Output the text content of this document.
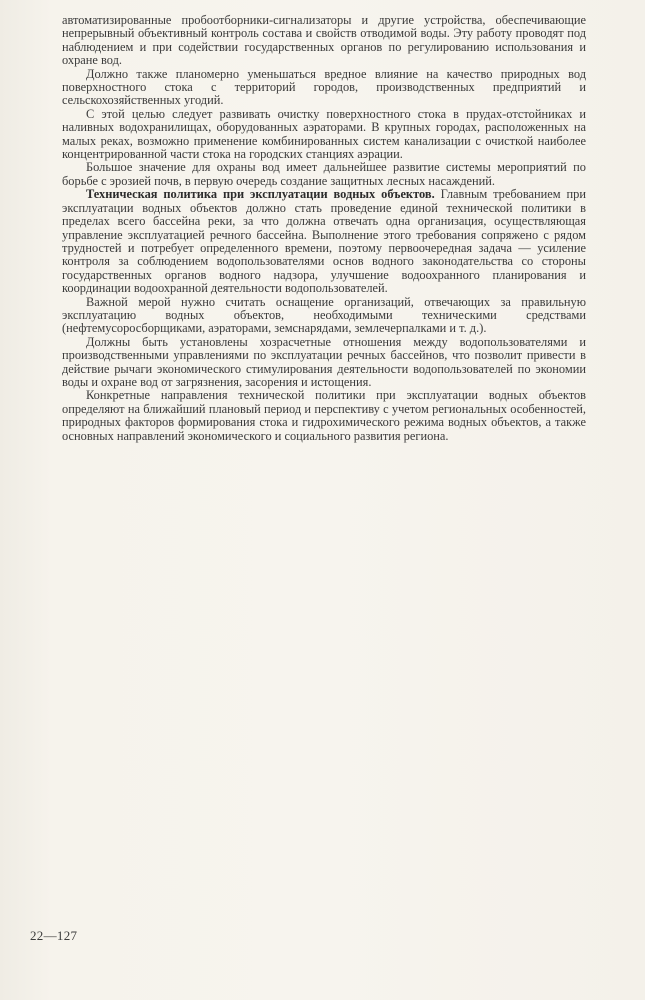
автоматизированные пробоотборники-сигнализаторы и другие устройства, обеспечивающие непрерывный объективный контроль состава и свойств отводимой воды. Эту работу проводят под наблюдением и при содействии государственных органов по регулированию использования и охране вод.

Должно также планомерно уменьшаться вредное влияние на качество природных вод поверхностного стока с территорий городов, производственных предприятий и сельскохозяйственных угодий.

С этой целью следует развивать очистку поверхностного стока в прудах-отстойниках и наливных водохранилищах, оборудованных аэраторами. В крупных городах, расположенных на малых реках, возможно применение комбинированных систем канализации с очисткой наиболее концентрированной части стока на городских станциях аэрации.

Большое значение для охраны вод имеет дальнейшее развитие системы мероприятий по борьбе с эрозией почв, в первую очередь создание защитных лесных насаждений.

Техническая политика при эксплуатации водных объектов. Главным требованием при эксплуатации водных объектов должно стать проведение единой технической политики в пределах всего бассейна реки, за что должна отвечать одна организация, осуществляющая управление эксплуатацией речного бассейна. Выполнение этого требования сопряжено с рядом трудностей и потребует определенного времени, поэтому первоочередная задача — усиление контроля за соблюдением водопользователями основ водного законодательства со стороны государственных органов водного надзора, улучшение водоохранного планирования и координации водоохранной деятельности водопользователей.

Важной мерой нужно считать оснащение организаций, отвечающих за правильную эксплуатацию водных объектов, необходимыми техническими средствами (нефтемусоросборщиками, аэраторами, земснарядами, землечерпалками и т. д.).

Должны быть установлены хозрасчетные отношения между водопользователями и производственными управлениями по эксплуатации речных бассейнов, что позволит привести в действие рычаги экономического стимулирования деятельности водопользователей по экономии воды и охране вод от загрязнения, засорения и истощения.

Конкретные направления технической политики при эксплуатации водных объектов определяют на ближайший плановый период и перспективу с учетом региональных особенностей, природных факторов формирования стока и гидрохимического режима водных объектов, а также основных направлений экономического и социального развития региона.

22—127
